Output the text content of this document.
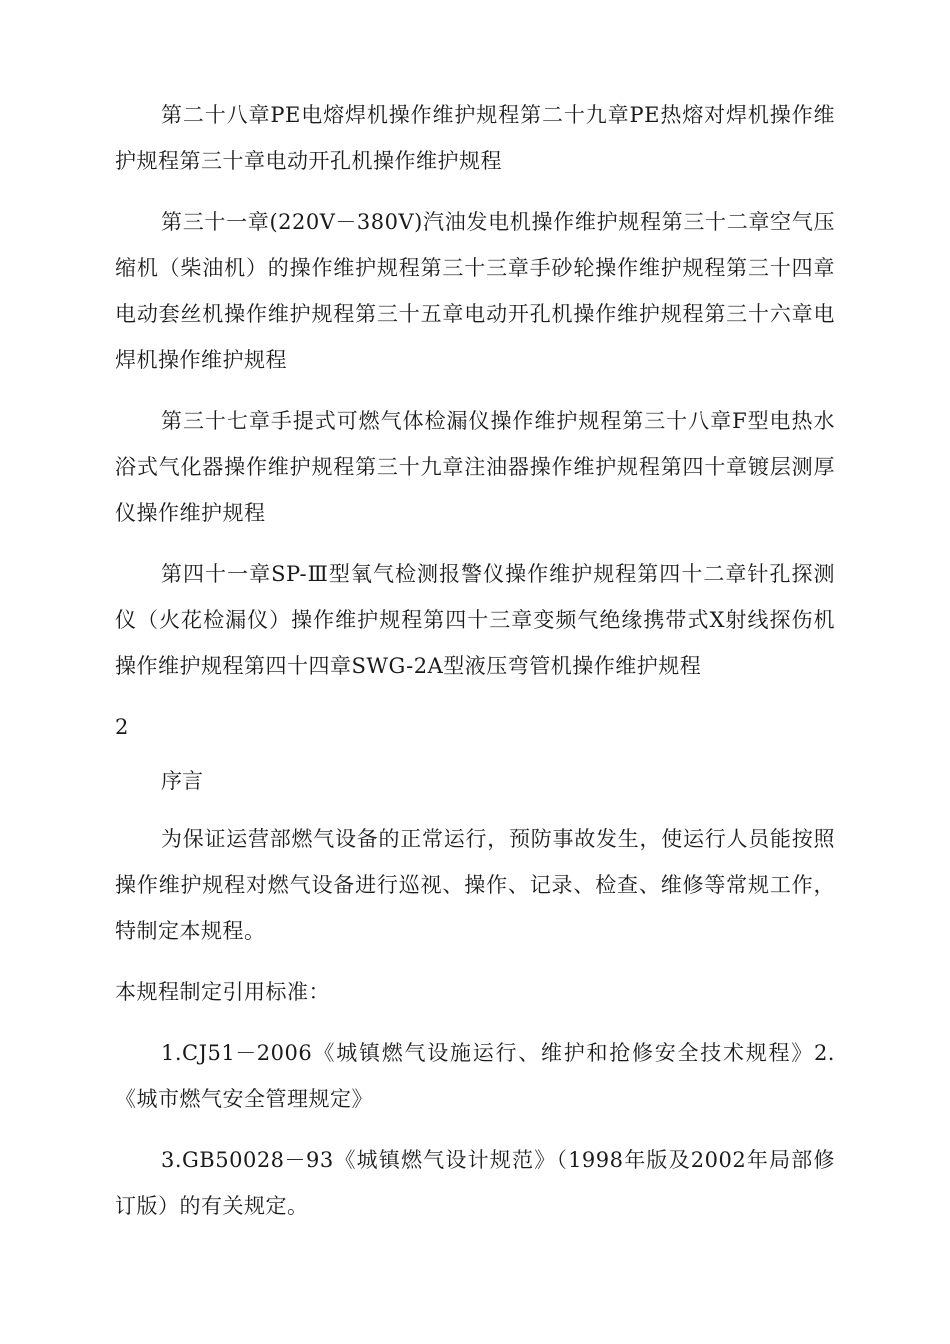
第二十八章PE电熔焊机操作维护规程第二十九章PE热熔对焊机操作维护规程第三十章电动开孔机操作维护规程

第三十一章(220V－380V)汽油发电机操作维护规程第三十二章空气压缩机（柴油机）的操作维护规程第三十三章手砂轮操作维护规程第三十四章电动套丝机操作维护规程第三十五章电动开孔机操作维护规程第三十六章电焊机操作维护规程

第三十七章手提式可燃气体检漏仪操作维护规程第三十八章F型电热水浴式气化器操作维护规程第三十九章注油器操作维护规程第四十章镀层测厚仪操作维护规程

第四十一章SP-Ⅲ型氧气检测报警仪操作维护规程第四十二章针孔探测仪（火花检漏仪）操作维护规程第四十三章变频气绝缘携带式X射线探伤机操作维护规程第四十四章SWG-2A型液压弯管机操作维护规程

2
序言

为保证运营部燃气设备的正常运行，预防事故发生，使运行人员能按照操作维护规程对燃气设备进行巡视、操作、记录、检查、维修等常规工作，特制定本规程。

本规程制定引用标准：

1.CJ51－2006《城镇燃气设施运行、维护和抢修安全技术规程》2.《城市燃气安全管理规定》

3.GB50028－93《城镇燃气设计规范》（1998年版及2002年局部修订版）的有关规定。
